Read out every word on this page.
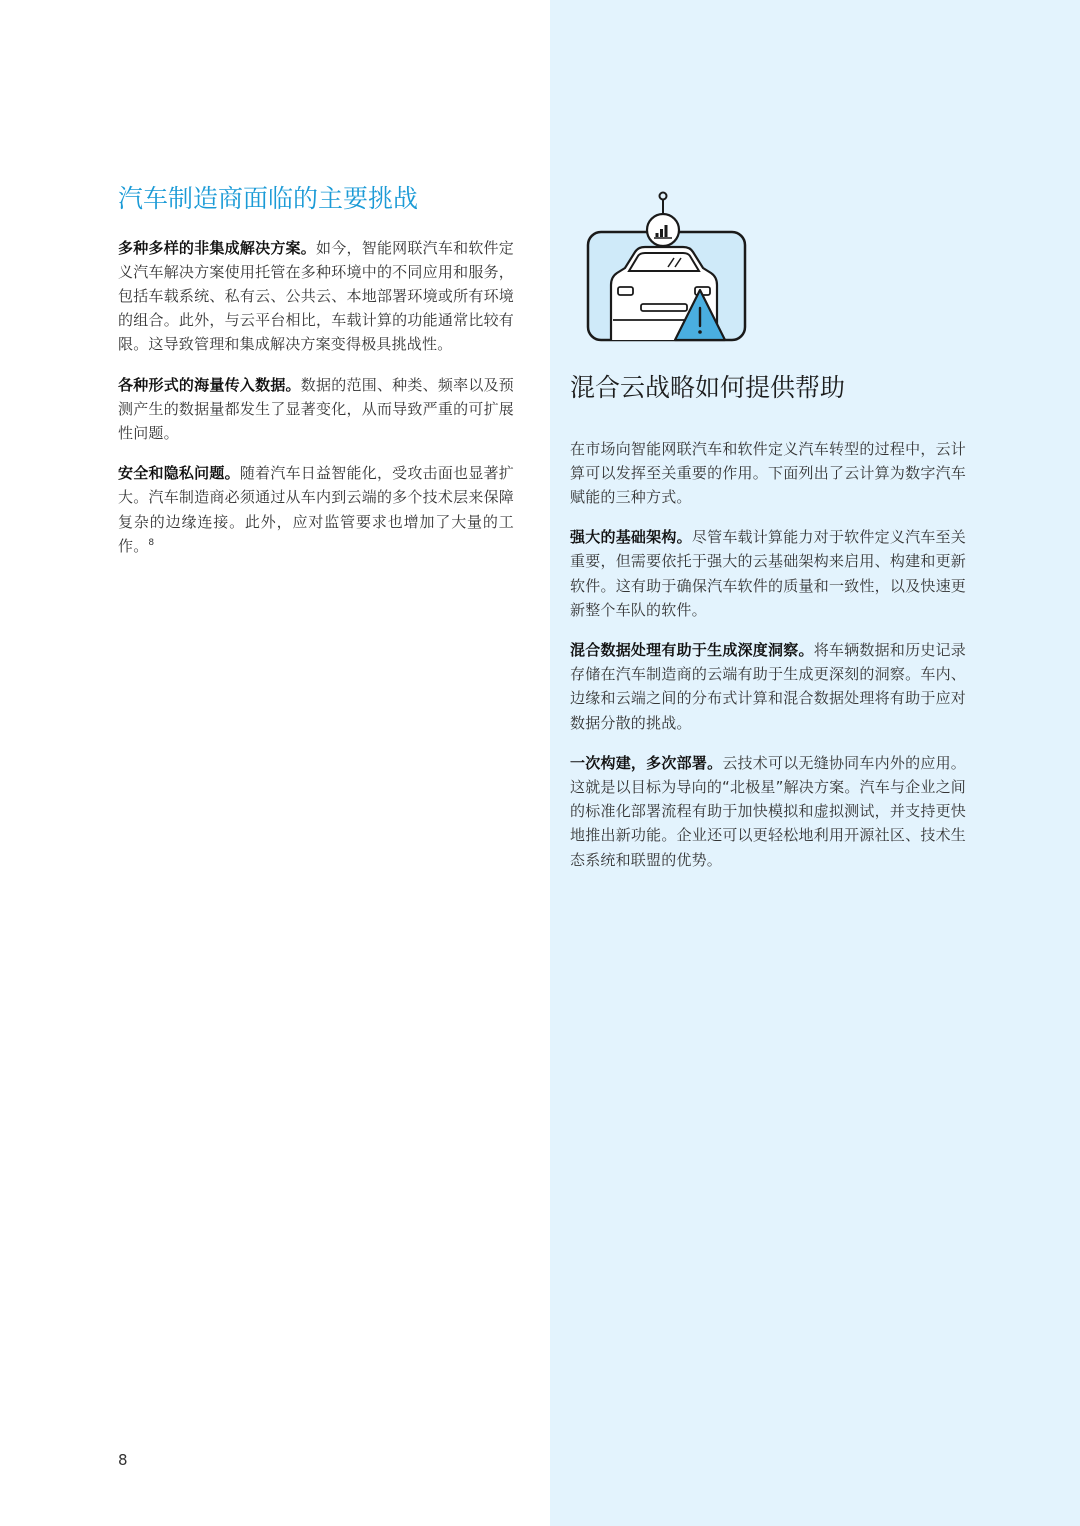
汽车制造商面临的主要挑战

多种多样的非集成解决方案。如今，智能网联汽车和软件定义汽车解决方案使用托管在多种环境中的不同应用和服务，包括车载系统、私有云、公共云、本地部署环境或所有环境的组合。此外，与云平台相比，车载计算的功能通常比较有限。这导致管理和集成解决方案变得极具挑战性。

各种形式的海量传入数据。数据的范围、种类、频率以及预测产生的数据量都发生了显著变化，从而导致严重的可扩展性问题。

安全和隐私问题。随着汽车日益智能化，受攻击面也显著扩大。汽车制造商必须通过从车内到云端的多个技术层来保障复杂的边缘连接。此外，应对监管要求也增加了大量的工作。$^8$

混合云战略如何提供帮助

在市场向智能网联汽车和软件定义汽车转型的过程中，云计算可以发挥至关重要的作用。下面列出了云计算为数字汽车赋能的三种方式。

强大的基础架构。尽管车载计算能力对于软件定义汽车至关重要，但需要依托于强大的云基础架构来启用、构建和更新软件。这有助于确保汽车软件的质量和一致性，以及快速更新整个车队的软件。

混合数据处理有助于生成深度洞察。将车辆数据和历史记录存储在汽车制造商的云端有助于生成更深刻的洞察。车内、边缘和云端之间的分布式计算和混合数据处理将有助于应对数据分散的挑战。

一次构建，多次部署。云技术可以无缝协同车内外的应用。这就是以目标为导向的“北极星”解决方案。汽车与企业之间的标准化部署流程有助于加快模拟和虚拟测试，并支持更快地推出新功能。企业还可以更轻松地利用开源社区、技术生态系统和联盟的优势。

8
